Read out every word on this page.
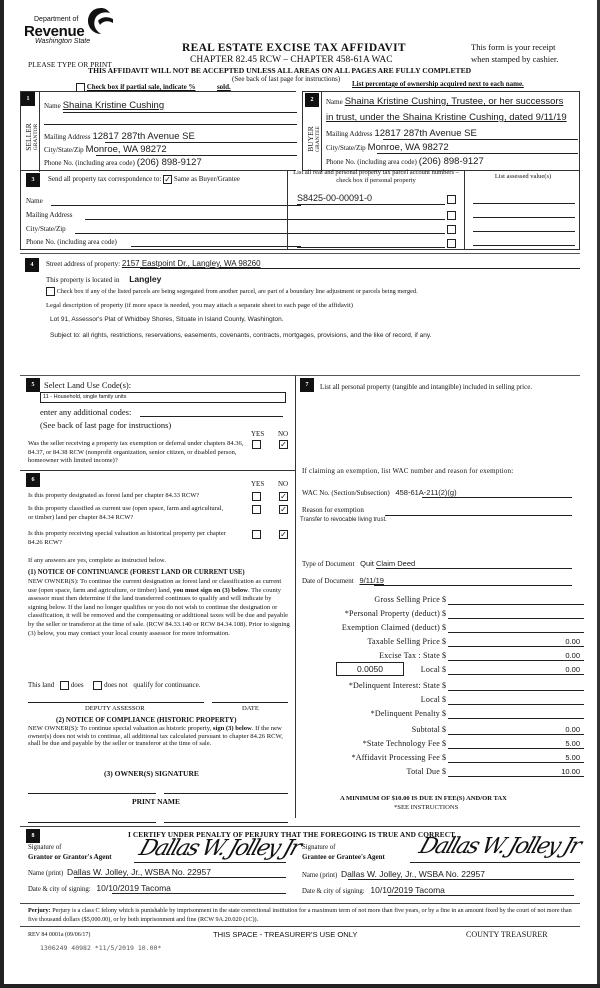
Department of
Revenue
Washington State
REAL ESTATE EXCISE TAX AFFIDAVIT
CHAPTER 82.45 RCW – CHAPTER 458-61A WAC
This form is your receipt
when stamped by cashier.
PLEASE TYPE OR PRINT
THIS AFFIDAVIT WILL NOT BE ACCEPTED UNLESS ALL AREAS ON ALL PAGES ARE FULLY COMPLETED
(See back of last page for instructions)
Check box if partial sale, indicate %	sold.	List percentage of ownership acquired next to each name.
1
SELLER GRANTOR
Name Shaina Kristine Cushing
Mailing Address 12817 287th Avenue SE
City/State/Zip Monroe, WA 98272
Phone No. (including area code) (206) 898-9127
2
BUYER GRANTEE
Name Shaina Kristine Cushing, Trustee, or her successors
in trust, under the Shaina Kristine Cushing, dated 9/11/19
Mailing Address 12817 287th Avenue SE
City/State/Zip Monroe, WA 98272
Phone No. (including area code) (206) 898-9127
3	Send all property tax correspondence to: ✓ Same as Buyer/Grantee
Name
Mailing Address
City/State/Zip
Phone No. (including area code)
List all real and personal property tax parcel account numbers – check box if personal property
List assessed value(s)
S8425-00-00091-0
4	Street address of property: 2157 Eastpoint Dr., Langley, WA 98260
This property is located in Langley
Check box if any of the listed parcels are being segregated from another parcel, are part of a boundary line adjustment or parcels being merged.
Legal description of property (if more space is needed, you may attach a separate sheet to each page of the affidavit)
Lot 91, Assessor's Plat of Whidbey Shores, Situate in Island County, Washington.
Subject to: all rights, restrictions, reservations, easements, covenants, contracts, mortgages, provisions, and the like of record, if any.
5	Select Land Use Code(s):
11 - Household, single family units
enter any additional codes:
(See back of last page for instructions)
YES NO
Was the seller receiving a property tax exemption or deferral under chapters 84.36, 84.37, or 84.38 RCW (nonprofit organization, senior citizen, or disabled person, homeowner with limited income)?
✓
6	YES NO
Is this property designated as forest land per chapter 84.33 RCW?	✓
Is this property classified as current use (open space, farm and agricultural, or timber) land per chapter 84.34 RCW?
✓
Is this property receiving special valuation as historical property per chapter 84.26 RCW?
✓
If any answers are yes, complete as instructed below.
(1) NOTICE OF CONTINUANCE (FOREST LAND OR CURRENT USE)
NEW OWNER(S): To continue the current designation as forest land or classification as current use (open space, farm and agriculture, or timber) land, you must sign on (3) below. The county assessor must then determine if the land transferred continues to qualify and will indicate by signing below. If the land no longer qualifies or you do not wish to continue the designation or classification, it will be removed and the compensating or additional taxes will be due and payable by the seller or transferor at the time of sale. (RCW 84.33.140 or RCW 84.34.108). Prior to signing (3) below, you may contact your local county assessor for more information.
This land does	does not qualify for continuance.
DEPUTY ASSESSOR	DATE
(2) NOTICE OF COMPLIANCE (HISTORIC PROPERTY)
NEW OWNER(S): To continue special valuation as historic property, sign (3) below. If the new owner(s) does not wish to continue, all additional tax calculated pursuant to chapter 84.26 RCW, shall be due and payable by the seller or transferor at the time of sale.
(3) OWNER(S) SIGNATURE
PRINT NAME
7	List all personal property (tangible and intangible) included in selling price.
If claiming an exemption, list WAC number and reason for exemption:
WAC No. (Section/Subsection) 458-61A-211(2)(g)
Reason for exemption
Transfer to revocable living trust.
Type of Document Quit Claim Deed
Date of Document 9/11/19
Gross Selling Price $
*Personal Property (deduct) $
Exemption Claimed (deduct) $
Taxable Selling Price $	0.00
Excise Tax : State $	0.00
0.0050	Local $	0.00
*Delinquent Interest: State $
Local $
*Delinquent Penalty $
Subtotal $	0.00
*State Technology Fee $	5.00
*Affidavit Processing Fee $	5.00
Total Due $	10.00
A MINIMUM OF $10.00 IS DUE IN FEE(S) AND/OR TAX
*SEE INSTRUCTIONS
8	I CERTIFY UNDER PENALTY OF PERJURY THAT THE FOREGOING IS TRUE AND CORRECT.
Signature of
Grantor or Grantor's Agent Dallas W. Jolley Jr
Name (print) Dallas W. Jolley, Jr., WSBA No. 22957
Date & city of signing: 10/10/2019 Tacoma
Signature of
Grantee or Grantee's Agent Dallas W. Jolley Jr
Name (print) Dallas W. Jolley, Jr., WSBA No. 22957
Date & city of signing: 10/10/2019 Tacoma
Perjury: Perjury is a class C felony which is punishable by imprisonment in the state correctional institution for a maximum term of not more than five years, or by a fine in an amount fixed by the court of not more than five thousand dollars ($5,000.00), or by both imprisonment and fine (RCW 9A.20.020 (1C)).
REV 84 0001a (09/06/17)	THIS SPACE - TREASURER'S USE ONLY	COUNTY TREASURER
1306249 40982 *11/5/2019 10.00*
